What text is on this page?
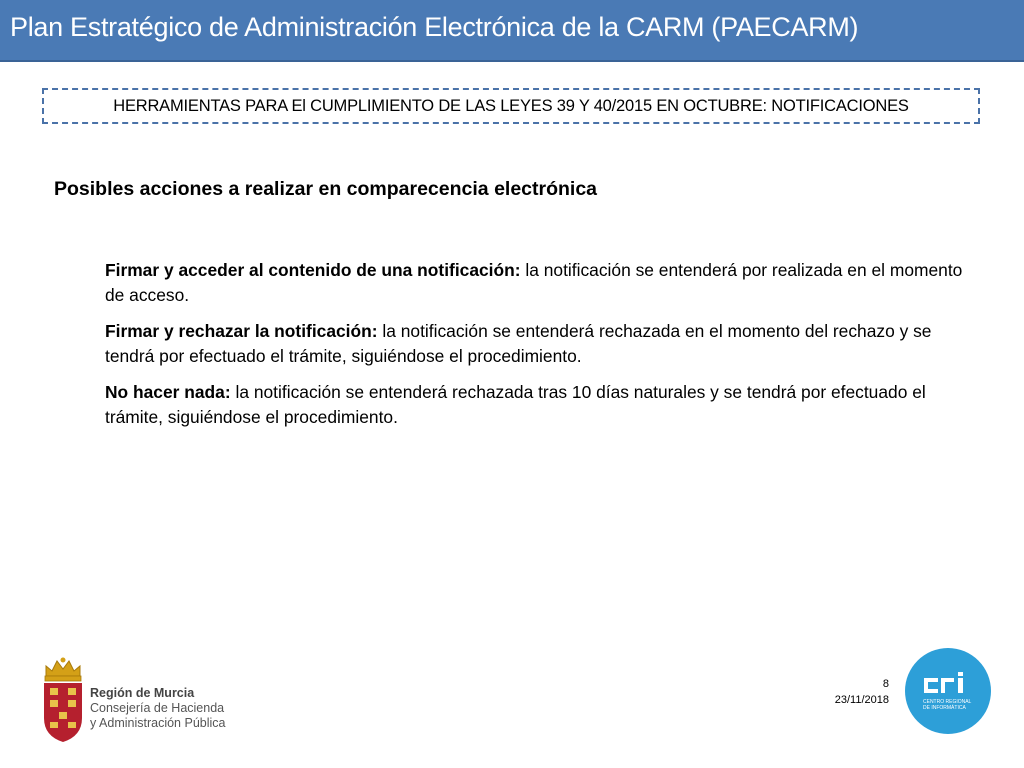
Plan Estratégico de Administración Electrónica de la CARM (PAECARM)
HERRAMIENTAS PARA El CUMPLIMIENTO DE LAS LEYES 39 Y 40/2015 EN OCTUBRE: NOTIFICACIONES
Posibles acciones a realizar en comparecencia electrónica

Firmar y acceder al contenido de una notificación: la notificación se entenderá por realizada en el momento de acceso.

Firmar y rechazar la notificación: la notificación se entenderá rechazada en el momento del rechazo y se tendrá por efectuado el trámite, siguiéndose el procedimiento.

No hacer nada: la notificación se entenderá rechazada tras 10 días naturales y se tendrá por efectuado el trámite, siguiéndose el procedimiento.

Región de Murcia
Consejería de Hacienda
y Administración Pública
8
23/11/2018	CENTRO REGIONAL
DE INFORMÁTICA
